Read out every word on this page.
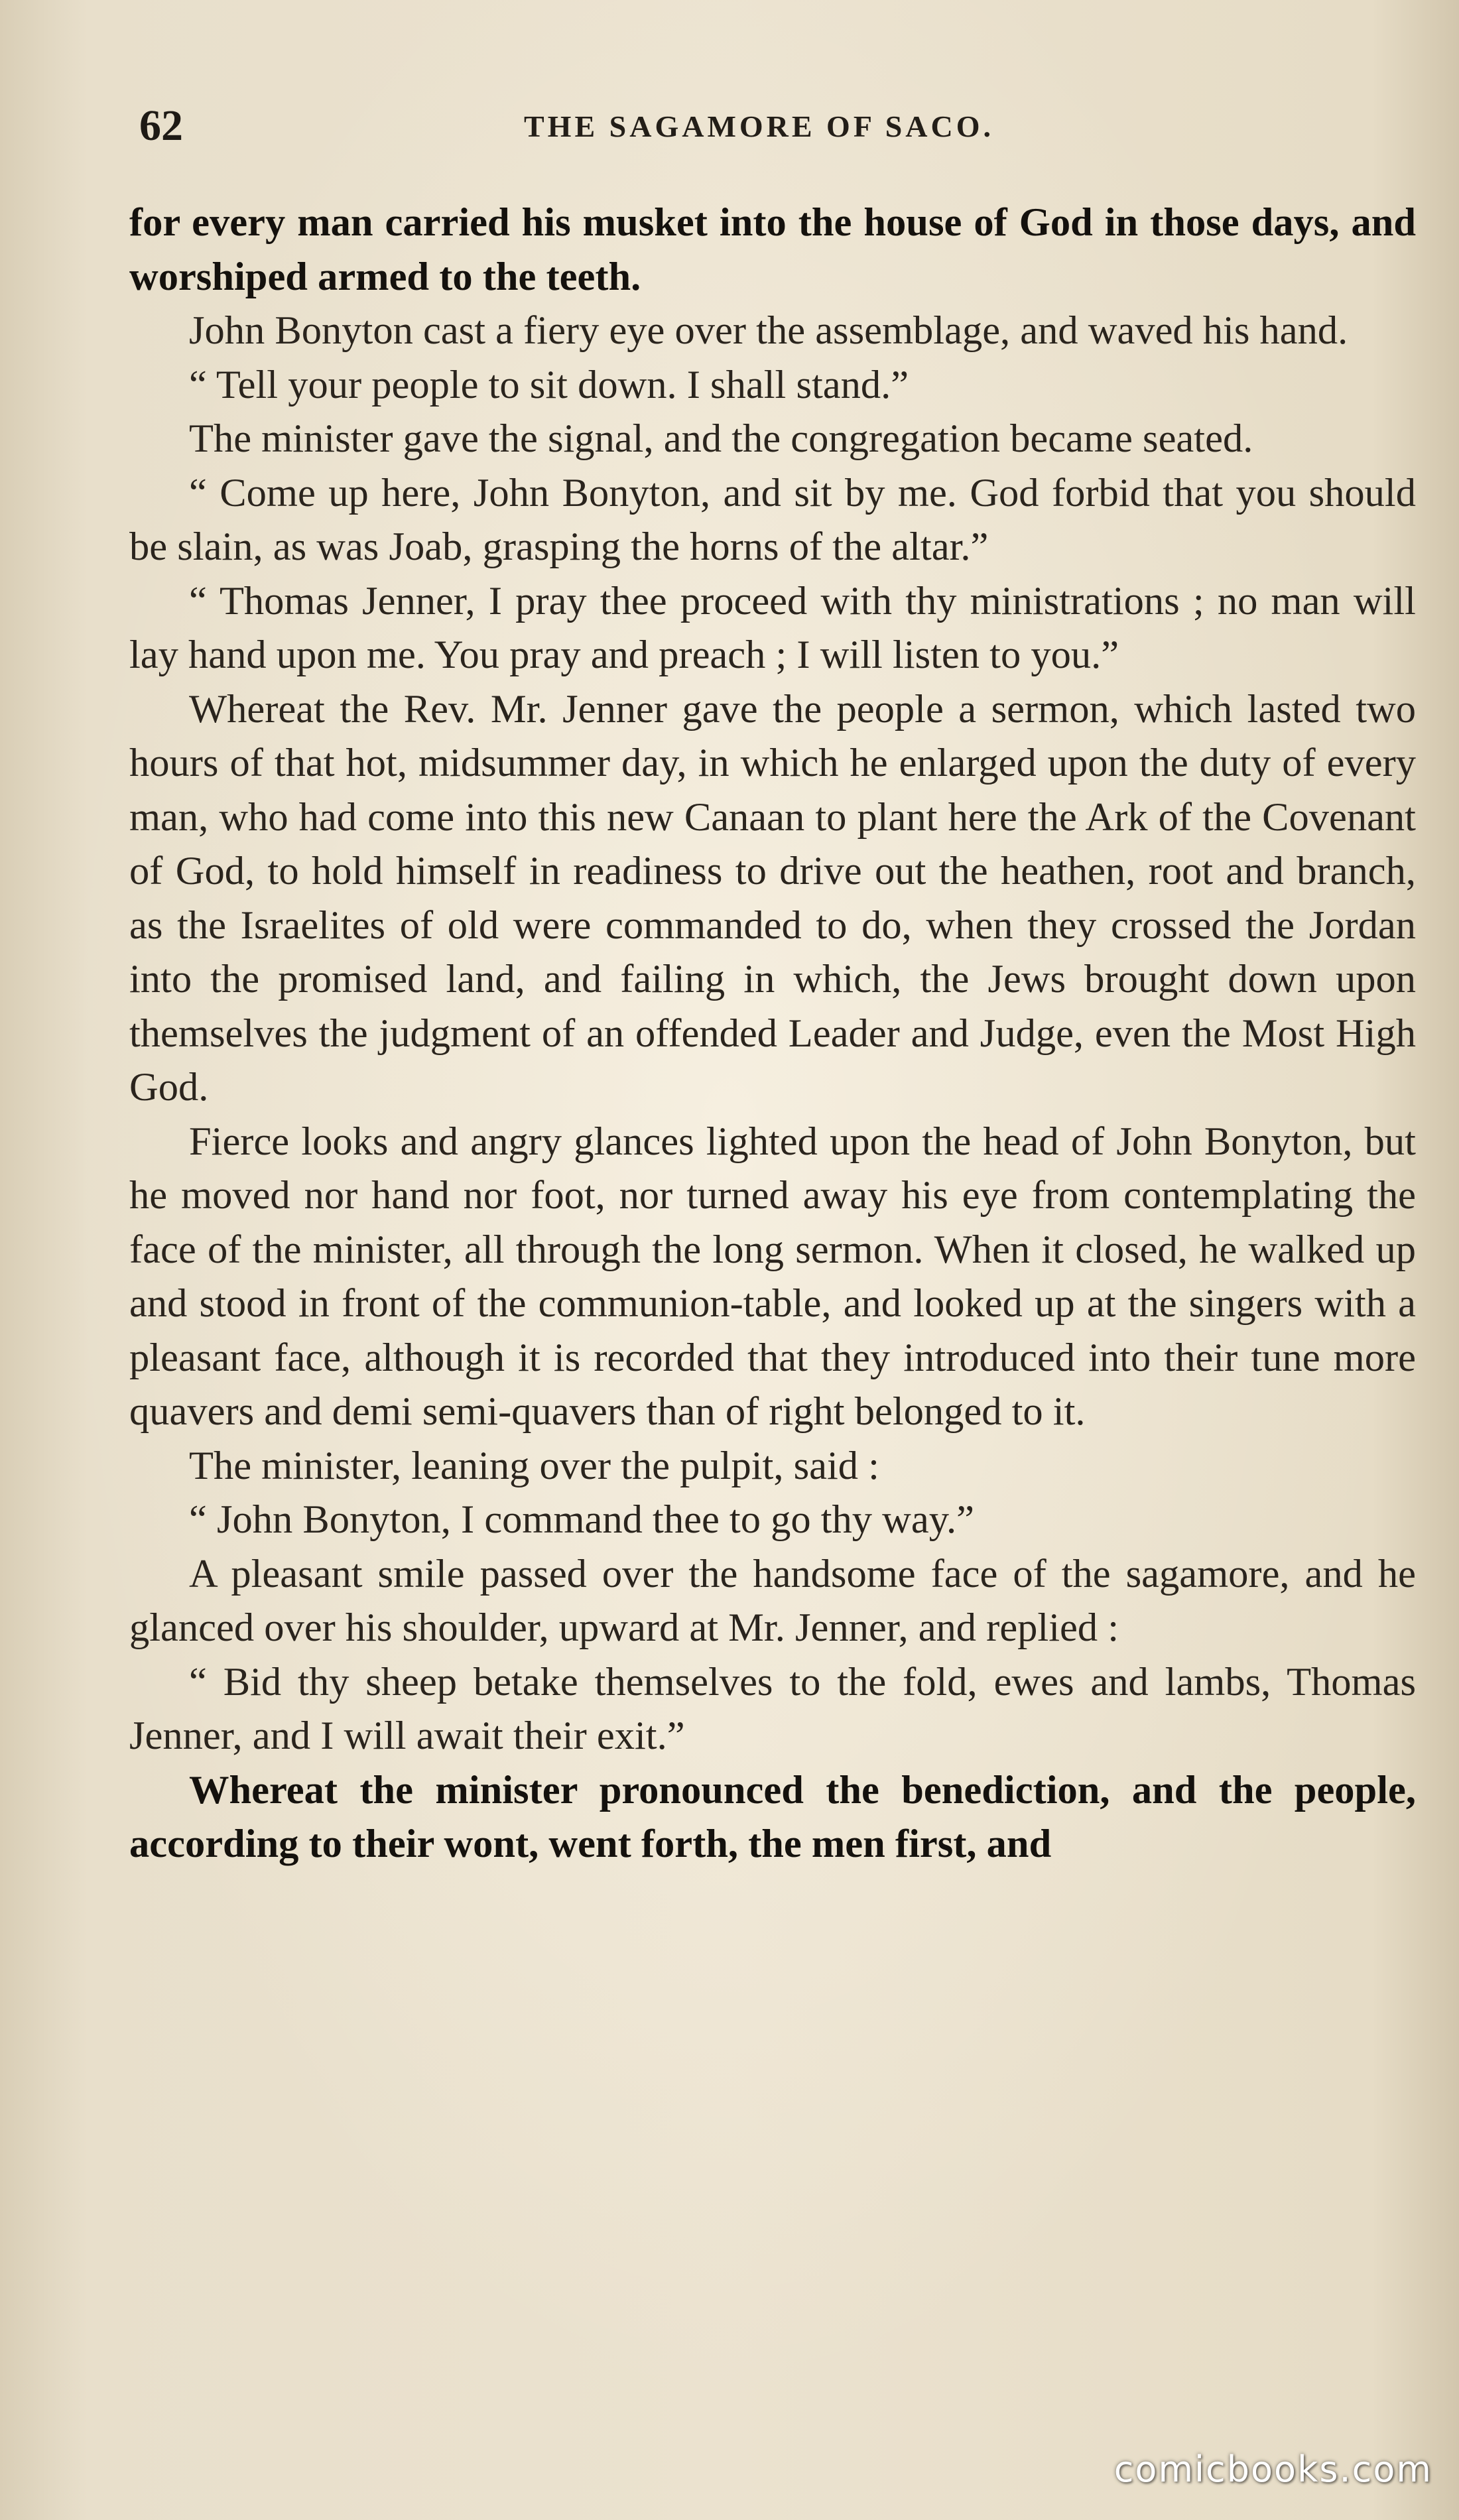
62	THE SAGAMORE OF SACO.

for every man carried his musket into the house of God in those days, and worshiped armed to the teeth.

John Bonyton cast a fiery eye over the assemblage, and waved his hand.

“ Tell your people to sit down. I shall stand.”

The minister gave the signal, and the congregation became seated.

“ Come up here, John Bonyton, and sit by me. God forbid that you should be slain, as was Joab, grasping the horns of the altar.”

“ Thomas Jenner, I pray thee proceed with thy ministrations ; no man will lay hand upon me. You pray and preach ; I will listen to you.”

Whereat the Rev. Mr. Jenner gave the people a sermon, which lasted two hours of that hot, midsummer day, in which he enlarged upon the duty of every man, who had come into this new Canaan to plant here the Ark of the Covenant of God, to hold himself in readiness to drive out the heathen, root and branch, as the Israelites of old were commanded to do, when they crossed the Jordan into the promised land, and failing in which, the Jews brought down upon themselves the judgment of an offended Leader and Judge, even the Most High God.

Fierce looks and angry glances lighted upon the head of John Bonyton, but he moved nor hand nor foot, nor turned away his eye from contemplating the face of the minister, all through the long sermon. When it closed, he walked up and stood in front of the communion-table, and looked up at the singers with a pleasant face, although it is recorded that they introduced into their tune more quavers and demi semi-quavers than of right belonged to it.

The minister, leaning over the pulpit, said :

“ John Bonyton, I command thee to go thy way.”

A pleasant smile passed over the handsome face of the sagamore, and he glanced over his shoulder, upward at Mr. Jenner, and replied :

“ Bid thy sheep betake themselves to the fold, ewes and lambs, Thomas Jenner, and I will await their exit.”

Whereat the minister pronounced the benediction, and the people, according to their wont, went forth, the men first, and

comicbooks.com
